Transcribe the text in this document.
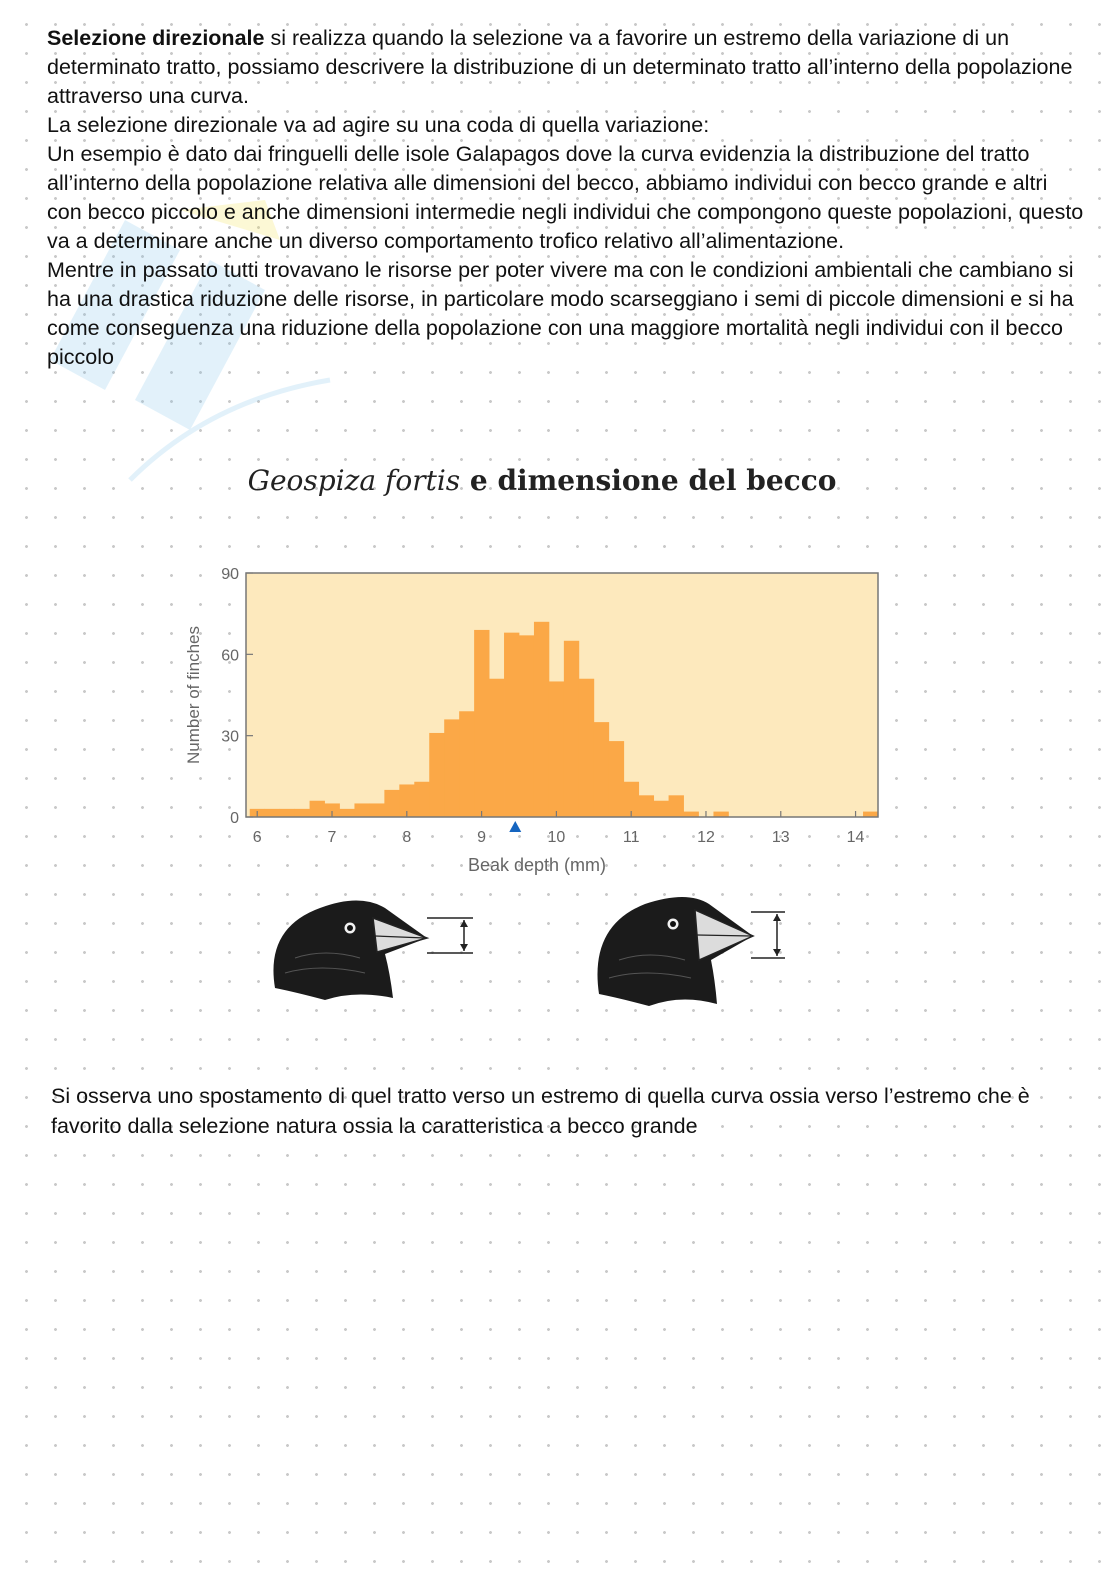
Selezione direzionale si realizza quando la selezione va a favorire un estremo della variazione di un determinato tratto, possiamo descrivere la distribuzione di un determinato tratto all’interno della popolazione attraverso una curva.

La selezione direzionale va ad agire su una coda di quella variazione:

Un esempio è dato dai fringuelli delle isole Galapagos dove la curva evidenzia la distribuzione del tratto all’interno della popolazione relativa alle dimensioni del becco, abbiamo individui con becco grande e altri con becco piccolo e anche dimensioni intermedie negli individui che compongono queste popolazioni, questo va a determinare anche un diverso comportamento trofico relativo all’alimentazione.

Mentre in passato tutti trovavano le risorse per poter vivere ma con le condizioni ambientali che cambiano si ha una drastica riduzione delle risorse, in particolare modo scarseggiano i semi di piccole dimensioni e si ha come conseguenza una riduzione della popolazione con una maggiore mortalità negli individui con il becco piccolo

Geospiza fortis e dimensione del becco
0
30
60
90
6	7	8	9	10	11	12	13	14
Number of finches
Beak depth (mm)

Si osserva uno spostamento di quel tratto verso un estremo di quella curva ossia verso l’estremo che è favorito dalla selezione natura ossia la caratteristica a becco grande
